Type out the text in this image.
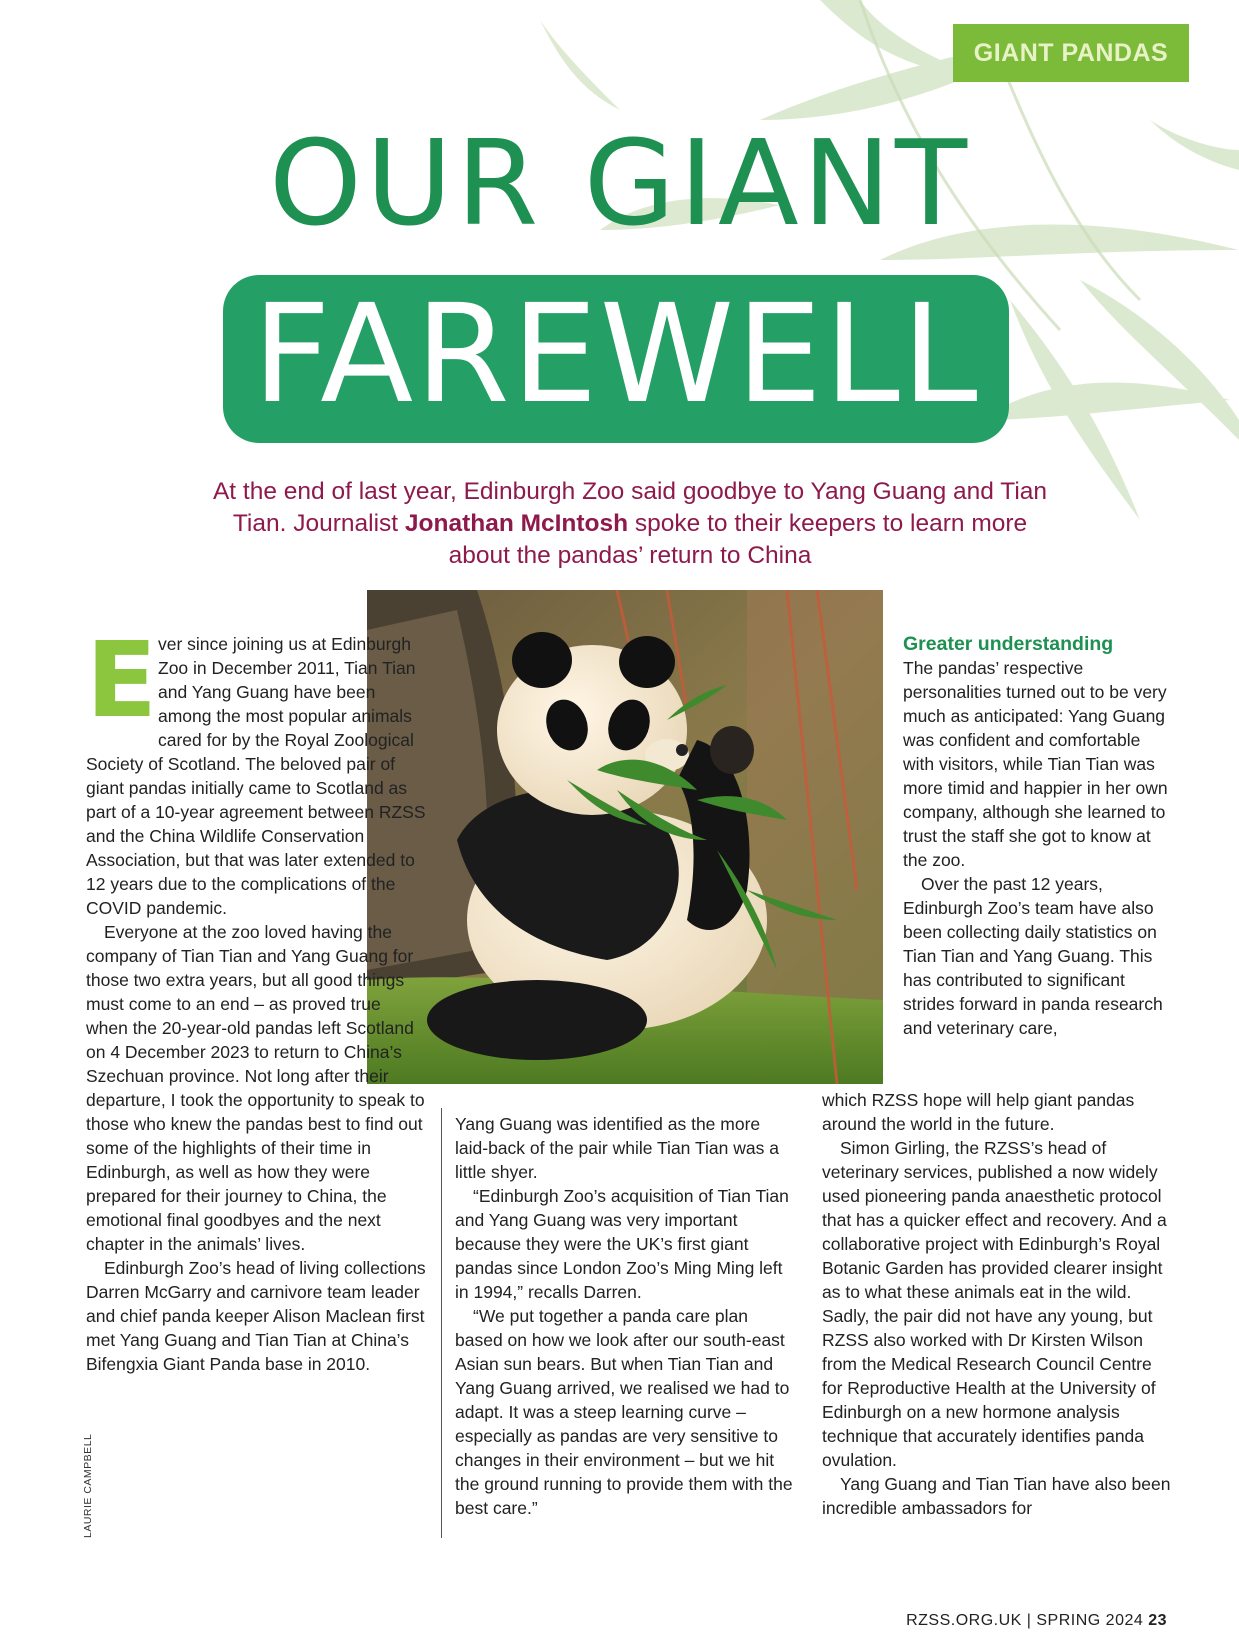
GIANT PANDAS
OUR GIANT
FAREWELL
At the end of last year, Edinburgh Zoo said goodbye to Yang Guang and Tian Tian. Journalist Jonathan McIntosh spoke to their keepers to learn more about the pandas’ return to China
E ver since joining us at Edinburgh Zoo in December 2011, Tian Tian and Yang Guang have been among the most popular animals cared for by the Royal Zoological Society of Scotland. The beloved pair of giant pandas initially came to Scotland as part of a 10-year agreement between RZSS and the China Wildlife Conservation Association, but that was later extended to 12 years due to the complications of the COVID pandemic.

Everyone at the zoo loved having the company of Tian Tian and Yang Guang for those two extra years, but all good things must come to an end – as proved true when the 20-year-old pandas left Scotland on 4 December 2023 to return to China’s Szechuan province. Not long after their departure, I took the opportunity to speak to those who knew the pandas best to find out some of the highlights of their time in Edinburgh, as well as how they were prepared for their journey to China, the emotional final goodbyes and the next chapter in the animals’ lives.

Edinburgh Zoo’s head of living collections Darren McGarry and carnivore team leader and chief panda keeper Alison Maclean first met Yang Guang and Tian Tian at China’s Bifengxia Giant Panda base in 2010.

Yang Guang was identified as the more laid-back of the pair while Tian Tian was a little shyer.

“Edinburgh Zoo’s acquisition of Tian Tian and Yang Guang was very important because they were the UK’s first giant pandas since London Zoo’s Ming Ming left in 1994,” recalls Darren.

“We put together a panda care plan based on how we look after our south-east Asian sun bears. But when Tian Tian and Yang Guang arrived, we realised we had to adapt. It was a steep learning curve – especially as pandas are very sensitive to changes in their environment – but we hit the ground running to provide them with the best care.”

Greater understanding

The pandas’ respective personalities turned out to be very much as anticipated: Yang Guang was confident and comfortable with visitors, while Tian Tian was more timid and happier in her own company, although she learned to trust the staff she got to know at the zoo.

Over the past 12 years, Edinburgh Zoo’s team have also been collecting daily statistics on Tian Tian and Yang Guang. This has contributed to significant strides forward in panda research and veterinary care,

which RZSS hope will help giant pandas around the world in the future.

Simon Girling, the RZSS’s head of veterinary services, published a now widely used pioneering panda anaesthetic protocol that has a quicker effect and recovery. And a collaborative project with Edinburgh’s Royal Botanic Garden has provided clearer insight as to what these animals eat in the wild. Sadly, the pair did not have any young, but RZSS also worked with Dr Kirsten Wilson from the Medical Research Council Centre for Reproductive Health at the University of Edinburgh on a new hormone analysis technique that accurately identifies panda ovulation.

Yang Guang and Tian Tian have also been incredible ambassadors for

LAURIE CAMPBELL
RZSS.ORG.UK | SPRING 2024 23
